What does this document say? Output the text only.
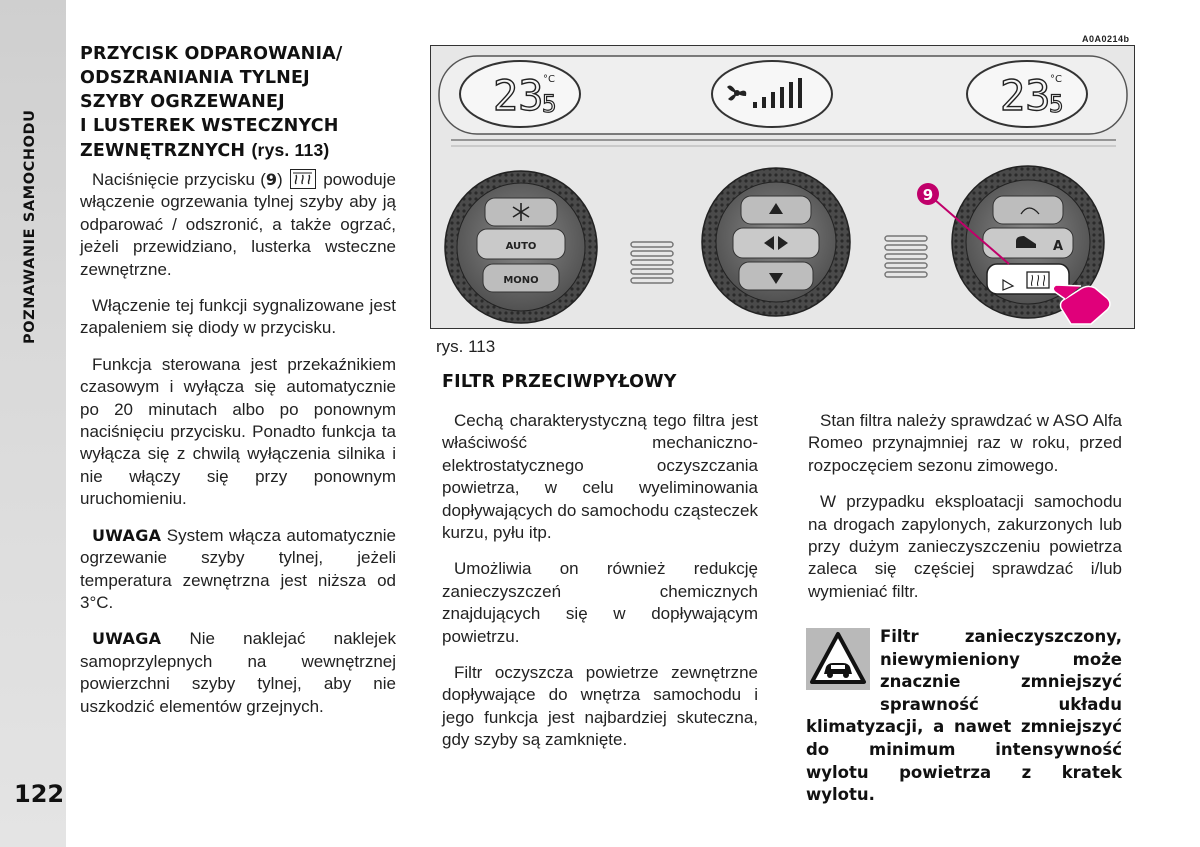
POZNAWANIE SAMOCHODU
122
PRZYCISK ODPAROWANIA/
ODSZRANIANIA TYLNEJ
SZYBY OGRZEWANEJ
I LUSTEREK WSTECZNYCH
ZEWNĘTRZNYCH (rys. 113)

Naciśnięcie przycisku (9)
powoduje włączenie ogrzewania tylnej szyby aby ją odparować / odszronić, a także ogrzać, jeżeli przewidziano, lusterka wsteczne zewnętrzne.

Włączenie tej funkcji sygnalizowane jest zapaleniem się diody w przycisku.

Funkcja sterowana jest przekaźnikiem czasowym i wyłącza się automatycznie po 20 minutach albo po ponownym naciśnięciu przycisku. Ponadto funkcja ta wyłącza się z chwilą wyłączenia silnika i nie włączy się przy ponownym uruchomieniu.

UWAGA System włącza automatycznie ogrzewanie szyby tylnej, jeżeli temperatura zewnętrzna jest niższa od 3°C.

UWAGA Nie naklejać naklejek samoprzylepnych na wewnętrznej powierzchni szyby tylnej, aby nie uszkodzić elementów grzejnych.

A0A0214b
23
5
°C	23
5
°C
AUTO
MONO
A
9
rys. 113
FILTR PRZECIWPYŁOWY

Cechą charakterystyczną tego filtra jest właściwość mechaniczno-elektrostatycznego oczyszczania powietrza, w celu wyeliminowania dopływających do samochodu cząsteczek kurzu, pyłu itp.

Umożliwia on również redukcję zanieczyszczeń chemicznych znajdujących się w dopływającym powietrzu.

Filtr oczyszcza powietrze zewnętrzne dopływające do wnętrza samochodu i jego funkcja jest najbardziej skuteczna, gdy szyby są zamknięte.

Stan filtra należy sprawdzać w ASO Alfa Romeo przynajmniej raz w roku, przed rozpoczęciem sezonu zimowego.

W przypadku eksploatacji samochodu na drogach zapylonych, zakurzonych lub przy dużym zanieczyszczeniu powietrza zaleca się częściej sprawdzać i/lub wymieniać filtr.

Filtr zanieczyszczony, niewymieniony może znacznie zmniejszyć sprawność układu klimatyzacji, a nawet zmniejszyć do minimum intensywność wylotu powietrza z kratek wylotu.
